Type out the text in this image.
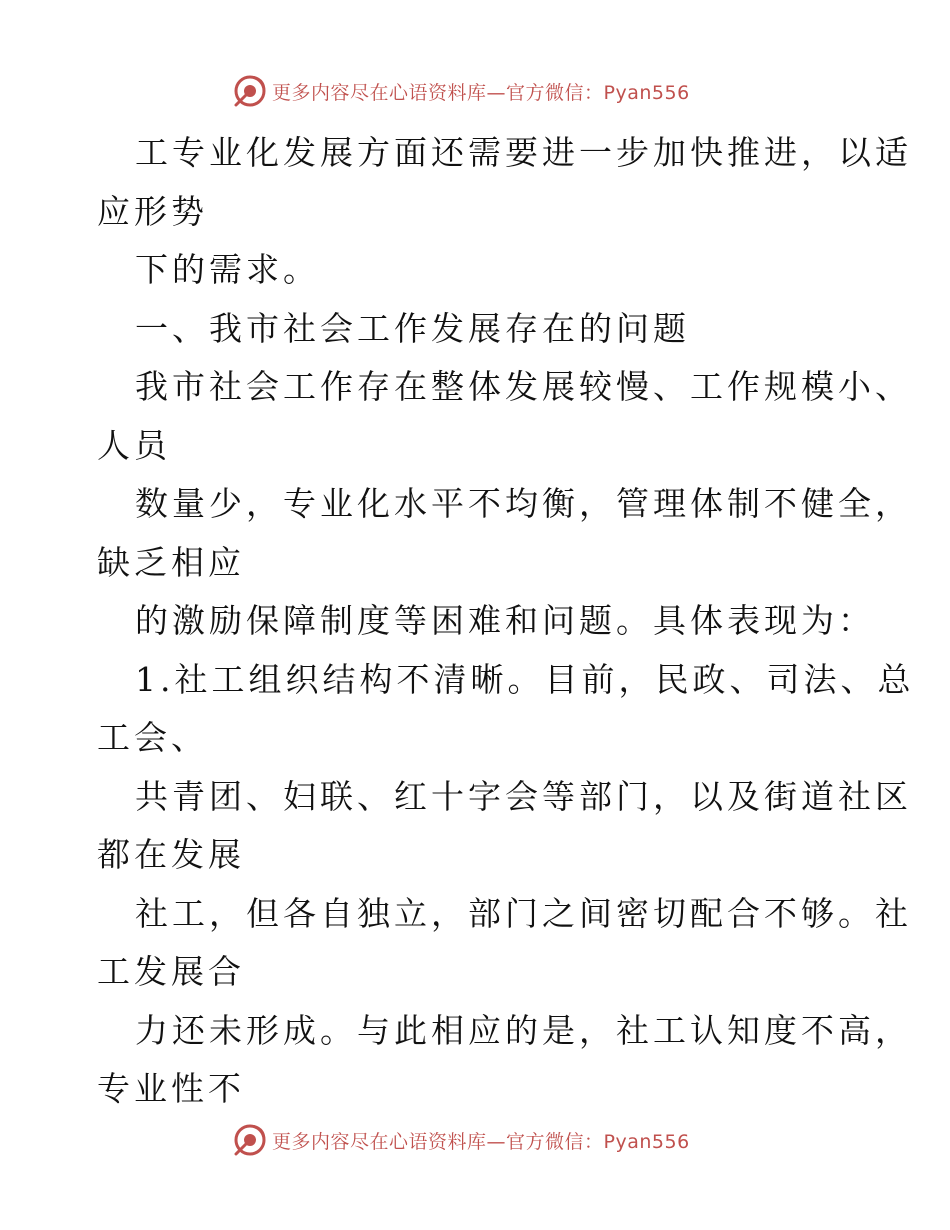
更多内容尽在心语资料库—官方微信：Pyan556
工专业化发展方面还需要进一步加快推进，以适
应形势
下的需求。
一、我市社会工作发展存在的问题
我市社会工作存在整体发展较慢、工作规模小、
人员
数量少，专业化水平不均衡，管理体制不健全，
缺乏相应
的激励保障制度等困难和问题。具体表现为：
1.社工组织结构不清晰。目前，民政、司法、总
工会、
共青团、妇联、红十字会等部门，以及街道社区
都在发展
社工，但各自独立，部门之间密切配合不够。社
工发展合
力还未形成。与此相应的是，社工认知度不高，
专业性不
更多内容尽在心语资料库—官方微信：Pyan556
